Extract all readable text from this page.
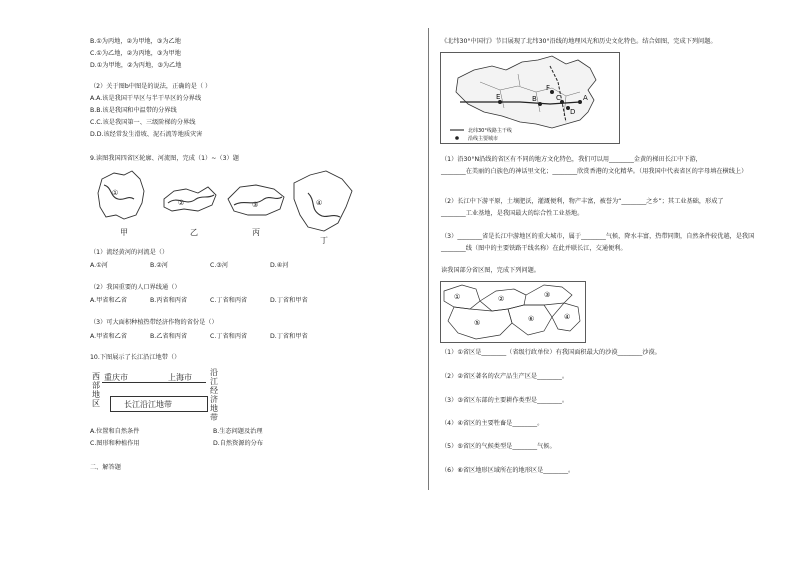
B.①为丙地，②为甲地，③为乙地
C.①为乙地，②为丙地，③为甲地
D.①为甲地，②为丙地，③为乙地
（2）关于图b中图是的说法，正确的是（ ）
A.A.该是我国干旱区与半干旱区的分界线
B.B.该是我国和中温带的分界线
C.C.该是我国第一、三级阶梯的分界线
D.D.该经常发生滑坡、泥石流等地质灾害
9.读图我国四省区轮廓、河流图，完成（1）~（3）题
①
②	③	④
甲	乙	丙
丁
（1）流经黄河的河流是（）
A.①河	B.②河	C.③河	D.④河
（2）我国重要的人口界线通（）
A.甲省和乙省	B.丙省和丙省	C.丁省和丙省	D.丁省和甲省
（3）可大面积种植热带经济作物的省份是（）
A.甲省和乙省	B.乙省和丙省	C.丁省和丙省	D.丁省和甲省
10.下图展示了长江沿江地带（）
西部地区
重庆市	上海市
长江沿江地带
沿江经济地带
A.位置和自然条件	B.生态问题及治理
C.图形和种植作用	D.自然资源的分布
二、解答题
《北纬30°中国行》节目展现了北纬30°沿线的地理风光和历史文化特色。结合如图，完成下列问题。
A
B	C
D
E
F
北纬30°线路主干线
沿线主要城市
（1）沿30°N沿线的省区有不同的地方文化特色，我们可以用________金黄的梯田长江中下游，
________在美丽的白族色的神话里文化；________欣赏香港的文化精华。（用我国中代表省区的字母填在横线上）
（2）长江中下游平原，土壤肥沃，灌溉便利，物产丰富，被誉为“________之乡”；其工业基础，形成了
________工业基地，是我国最大的综合性工业基地。
（3）________省是长江中游地区的重大城市，属于________气候，降水丰富，热带同期，自然条件较优越，是我国
________线（图中的主要铁路干线名称）在此并联长江，交通便利。
读我国部分省区图，完成下列问题。
①	②	③
④
⑤	⑥
（1）①省区是________（省级行政单位）有我国面积最大的沙漠________沙漠。
（2）②省区著名的农产品生产区是________。
（3）③省区东部的主要耕作类型是________。
（4）④省区的主要牲畜是________。
（5）⑤省区的气候类型是________气候。
（6）⑥省区地形区域所在的地形区是________。
